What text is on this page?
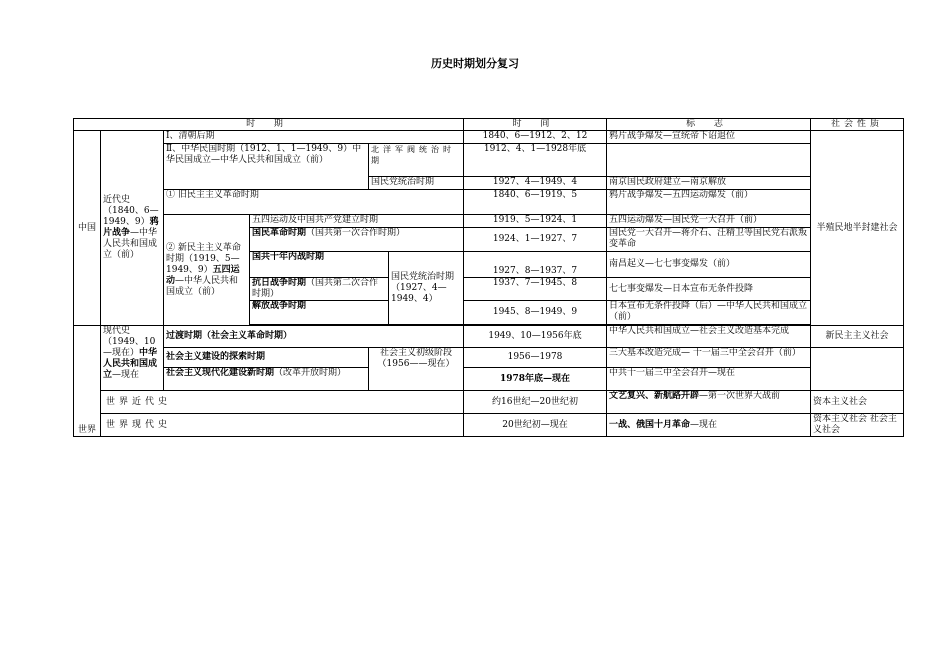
历史时期划分复习
时 期						时 间	标 志	社会性质	
中国	近代史（1840、6—1949、9）鸦片战争—中华人民共和国成立（前）	Ⅰ、清朝后期				1840、6—1912、2、12	鸦片战争爆发—宣统帝下诏退位	半殖民地半封建社会	
		Ⅱ、中华民国时期（1912、1、1—1949、9）中华民国成立—中华人民共和国成立（前）		北洋军阀统治时期		1912、4、1—1928年底			
				国民党统治时期		1927、4—1949、4	南京国民政府建立—南京解放		
		① 旧民主主义革命时期				1840、6—1919、5	鸦片战争爆发—五四运动爆发（前）		
		② 新民主主义革命时期（1919、5—1949、9）五四运动—中华人民共和国成立（前）	五四运动及中国共产党建立时期			1919、5—1924、1	五四运动爆发—国民党一大召开（前）		
			国民革命时期（国共第一次合作时期）			1924、1—1927、7	国民党一大召开—蒋介石、汪精卫等国民党右派叛变革命		
			国共十年内战时期		国民党统治时期（1927、4—1949、4）	1927、8—1937、7	南昌起义—七七事变爆发（前）		
			抗日战争时期（国共第二次合作时期）			1937、7—1945、8	七七事变爆发—日本宣布无条件投降		
			解放战争时期			1945、8—1949、9	日本宣布无条件投降（后）—中华人民共和国成立（前）		

世界	现代史（1949、10—现在）中华人民共和国成立—现在	过渡时期（社会主义革命时期）				1949、10—1956年底	中华人民共和国成立—社会主义改造基本完成	新民主主义社会	
		社会主义建设的探索时期		社会主义初级阶段（1956——现在）		1956—1978	三大基本改造完成— 十一届三中全会召开（前）		
		社会主义现代化建设新时期（改革开放时期）				1978年底—现在	中共十一届三中全会召开—现在		
	世界近代史					约16世纪—20世纪初	文艺复兴、新航路开辟—第一次世界大战前	资本主义社会	
	世界现代史					20世纪初—现在	一战、俄国十月革命—现在	资本主义社会 社会主义社会	
